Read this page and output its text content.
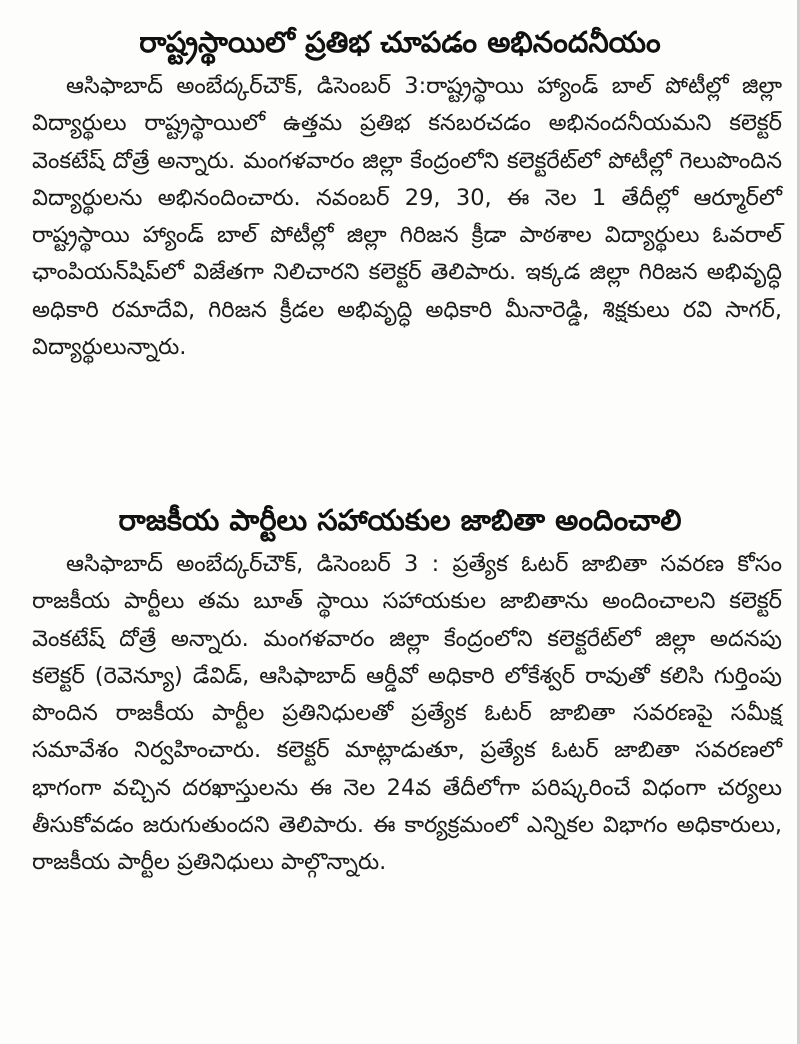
రాష్ట్రస్థాయిలో ప్రతిభ చూపడం అభినందనీయం

ఆసిఫాబాద్ అంబేద్కర్‌చౌక్, డిసెంబర్ 3:రాష్ట్రస్థాయి హ్యాండ్ బాల్ పోటీల్లో జిల్లా విద్యార్థులు రాష్ట్రస్థాయిలో ఉత్తమ ప్రతిభ కనబరచడం అభినందనీయమని కలెక్టర్ వెంకటేష్ దోత్రే అన్నారు. మంగళవారం జిల్లా కేంద్రంలోని కలెక్టరేట్‌లో పోటీల్లో గెలుపొందిన విద్యార్థులను అభినందించారు. నవంబర్ 29, 30, ఈ నెల 1 తేదీల్లో ఆర్మూర్‌లో రాష్ట్రస్థాయి హ్యాండ్ బాల్ పోటీల్లో జిల్లా గిరిజన క్రీడా పాఠశాల విద్యార్థులు ఓవరాల్ ఛాంపియన్‌షిప్‌లో విజేతగా నిలిచారని కలెక్టర్ తెలిపారు. ఇక్కడ జిల్లా గిరిజన అభివృద్ధి అధికారి రమాదేవి, గిరిజన క్రీడల అభివృద్ధి అధికారి మీనారెడ్డి, శిక్షకులు రవి సాగర్, విద్యార్థులున్నారు.

రాజకీయ పార్టీలు సహాయకుల జాబితా అందించాలి

ఆసిఫాబాద్ అంబేద్కర్‌చౌక్, డిసెంబర్ 3 : ప్రత్యేక ఓటర్ జాబితా సవరణ కోసం రాజకీయ పార్టీలు తమ బూత్ స్థాయి సహాయకుల జాబితాను అందించాలని కలెక్టర్ వెంకటేష్ దోత్రే అన్నారు. మంగళవారం జిల్లా కేంద్రంలోని కలెక్టరేట్‌లో జిల్లా అదనపు కలెక్టర్ (రెవెన్యూ) డేవిడ్, ఆసిఫాబాద్ ఆర్డీవో అధికారి లోకేశ్వర్ రావుతో కలిసి గుర్తింపు పొందిన రాజకీయ పార్టీల ప్రతినిధులతో ప్రత్యేక ఓటర్ జాబితా సవరణపై సమీక్ష సమావేశం నిర్వహించారు. కలెక్టర్ మాట్లాడుతూ, ప్రత్యేక ఓటర్ జాబితా సవరణలో భాగంగా వచ్చిన దరఖాస్తులను ఈ నెల 24వ తేదీలోగా పరిష్కరించే విధంగా చర్యలు తీసుకోవడం జరుగుతుందని తెలిపారు. ఈ కార్యక్రమంలో ఎన్నికల విభాగం అధికారులు, రాజకీయ పార్టీల ప్రతినిధులు పాల్గొన్నారు.
